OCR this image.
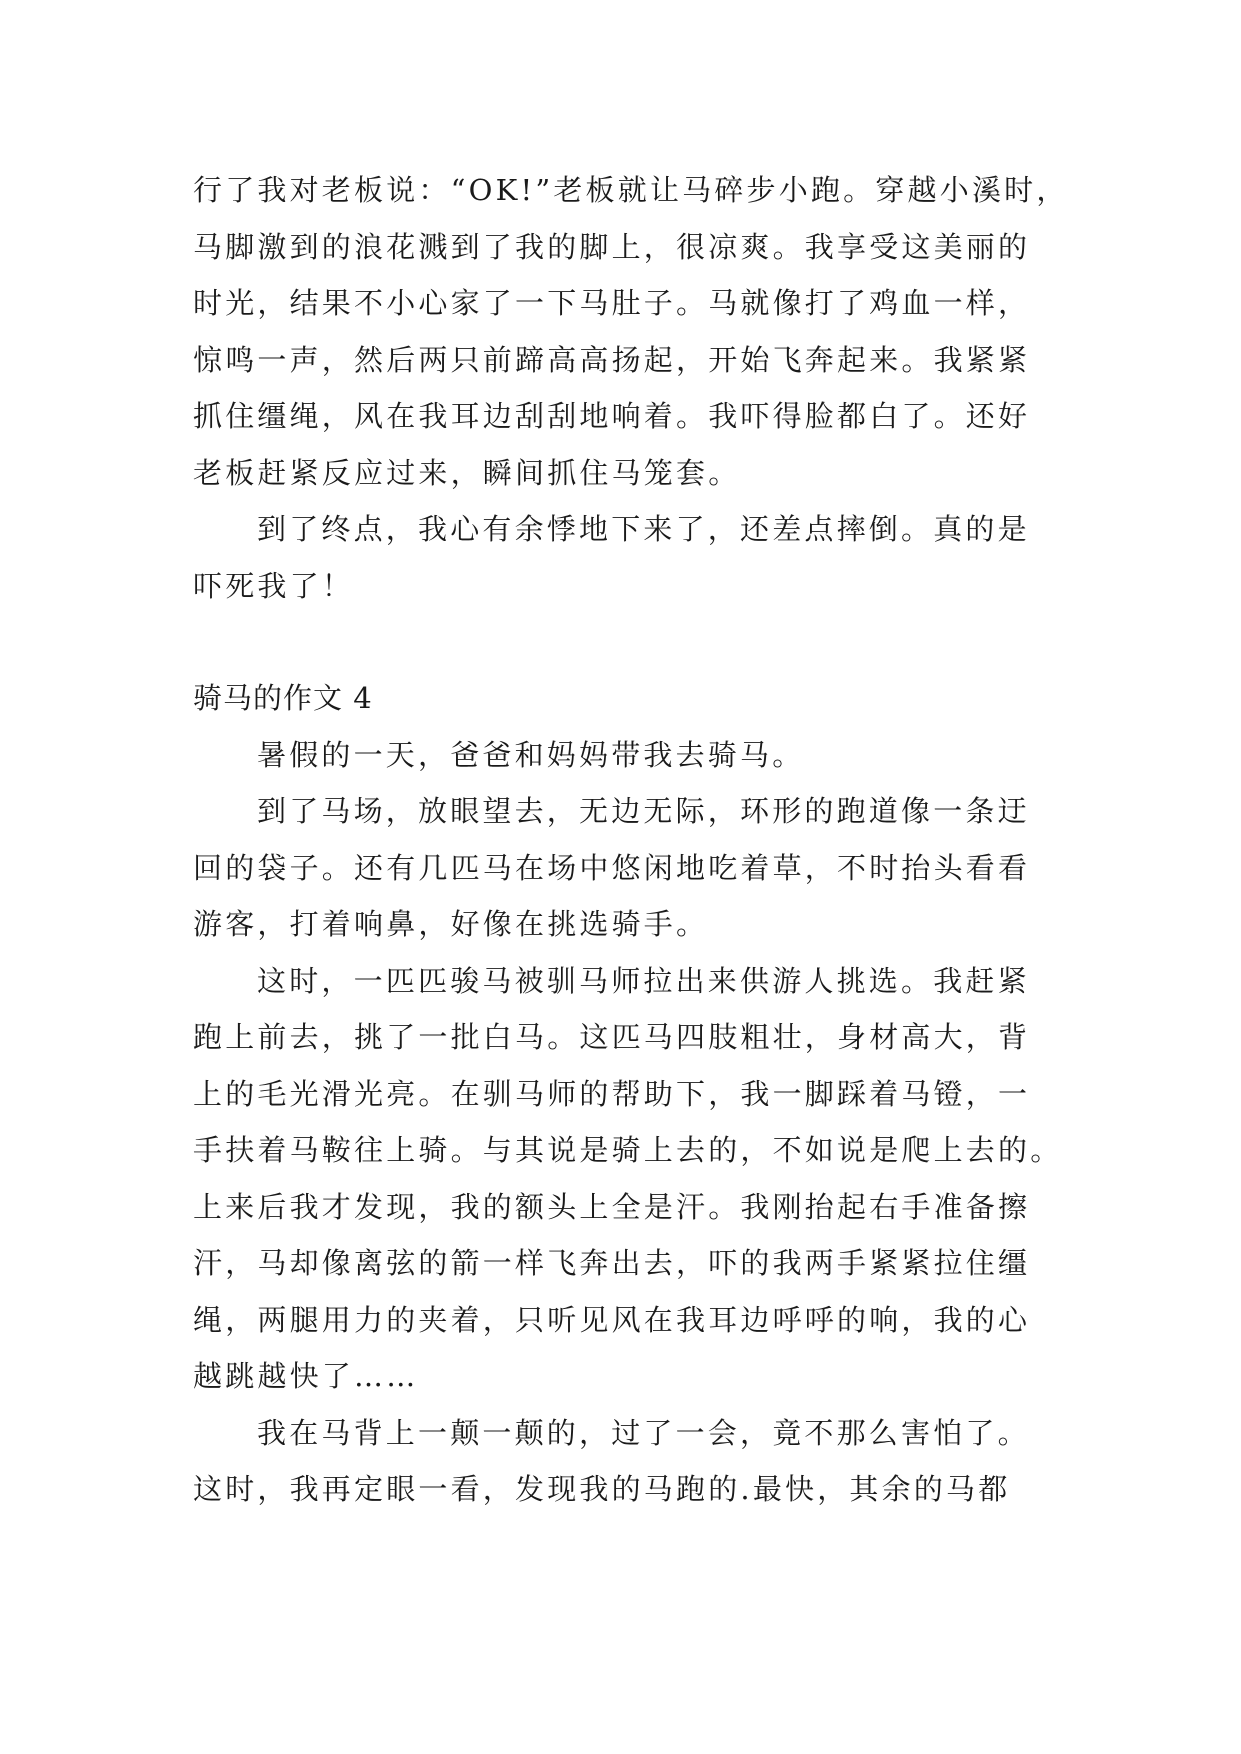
行了我对老板说：“OK!”老板就让马碎步小跑。穿越小溪时，
马脚激到的浪花溅到了我的脚上，很凉爽。我享受这美丽的
时光，结果不小心家了一下马肚子。马就像打了鸡血一样，
惊鸣一声，然后两只前蹄高高扬起，开始飞奔起来。我紧紧
抓住缰绳，风在我耳边刮刮地响着。我吓得脸都白了。还好
老板赶紧反应过来，瞬间抓住马笼套。
到了终点，我心有余悸地下来了，还差点摔倒。真的是
吓死我了！
骑马的作文 4
暑假的一天，爸爸和妈妈带我去骑马。
到了马场，放眼望去，无边无际，环形的跑道像一条迂
回的袋子。还有几匹马在场中悠闲地吃着草，不时抬头看看
游客，打着响鼻，好像在挑选骑手。
这时，一匹匹骏马被驯马师拉出来供游人挑选。我赶紧
跑上前去，挑了一批白马。这匹马四肢粗壮，身材高大，背
上的毛光滑光亮。在驯马师的帮助下，我一脚踩着马镫，一
手扶着马鞍往上骑。与其说是骑上去的，不如说是爬上去的。
上来后我才发现，我的额头上全是汗。我刚抬起右手准备擦
汗，马却像离弦的箭一样飞奔出去，吓的我两手紧紧拉住缰
绳，两腿用力的夹着，只听见风在我耳边呼呼的响，我的心
越跳越快了……
我在马背上一颠一颠的，过了一会，竟不那么害怕了。
这时，我再定眼一看，发现我的马跑的.最快，其余的马都
